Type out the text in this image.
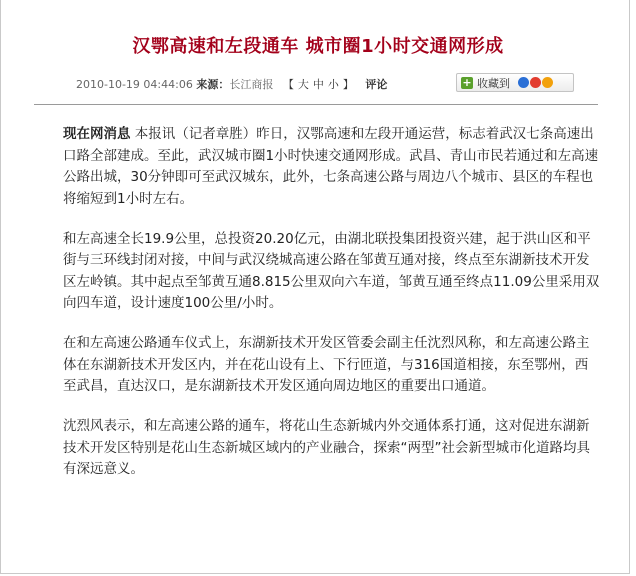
汉鄂高速和左段通车 城市圈1小时交通网形成
2010-10-19 04:44:06 来源：长江商报 【 大 中 小 】 评论	+ 收藏到

现在网消息 本报讯（记者章胜）昨日，汉鄂高速和左段开通运营，标志着武汉七条高速出口路全部建成。至此，武汉城市圈1小时快速交通网形成。武昌、青山市民若通过和左高速公路出城，30分钟即可至武汉城东，此外，七条高速公路与周边八个城市、县区的车程也将缩短到1小时左右。

和左高速全长19.9公里，总投资20.20亿元，由湖北联投集团投资兴建，起于洪山区和平街与三环线封闭对接，中间与武汉绕城高速公路在邹黄互通对接，终点至东湖新技术开发区左岭镇。其中起点至邹黄互通8.815公里双向六车道，邹黄互通至终点11.09公里采用双向四车道，设计速度100公里/小时。

在和左高速公路通车仪式上，东湖新技术开发区管委会副主任沈烈风称，和左高速公路主体在东湖新技术开发区内，并在花山设有上、下行匝道，与316国道相接，东至鄂州，西至武昌，直达汉口，是东湖新技术开发区通向周边地区的重要出口通道。

沈烈风表示，和左高速公路的通车，将花山生态新城内外交通体系打通，这对促进东湖新技术开发区特别是花山生态新城区域内的产业融合，探索“两型”社会新型城市化道路均具有深远意义。
